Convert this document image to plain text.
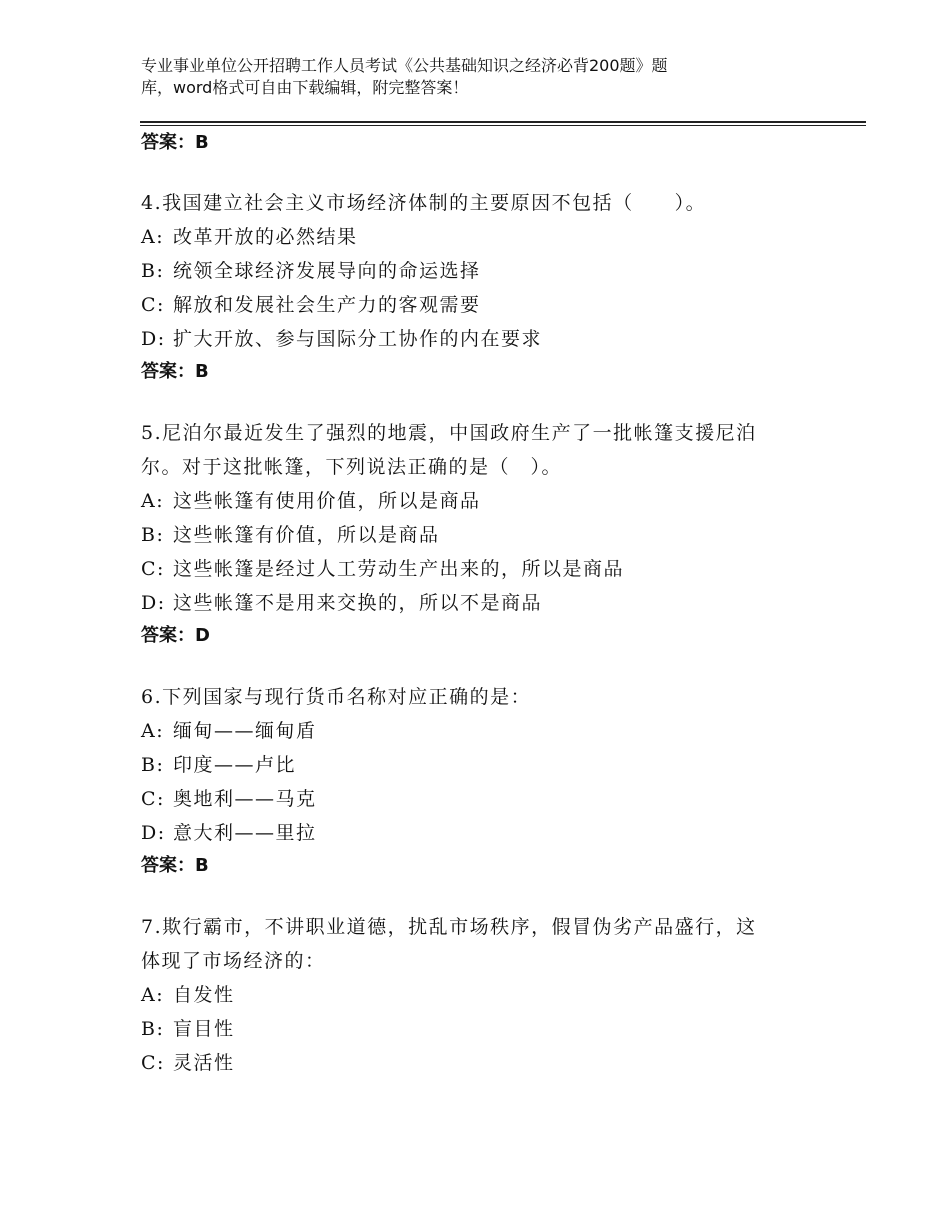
专业事业单位公开招聘工作人员考试《公共基础知识之经济必背200题》题
库，word格式可自由下载编辑，附完整答案！
答案：B
4.我国建立社会主义市场经济体制的主要原因不包括（　　）。
A: 改革开放的必然结果
B: 统领全球经济发展导向的命运选择
C: 解放和发展社会生产力的客观需要
D: 扩大开放、参与国际分工协作的内在要求
答案：B
5.尼泊尔最近发生了强烈的地震，中国政府生产了一批帐篷支援尼泊
尔。对于这批帐篷，下列说法正确的是（　）。
A: 这些帐篷有使用价值，所以是商品
B: 这些帐篷有价值，所以是商品
C: 这些帐篷是经过人工劳动生产出来的，所以是商品
D: 这些帐篷不是用来交换的，所以不是商品
答案：D
6.下列国家与现行货币名称对应正确的是：
A: 缅甸——缅甸盾
B: 印度——卢比
C: 奥地利——马克
D: 意大利——里拉
答案：B
7.欺行霸市，不讲职业道德，扰乱市场秩序，假冒伪劣产品盛行，这
体现了市场经济的：
A: 自发性
B: 盲目性
C: 灵活性
